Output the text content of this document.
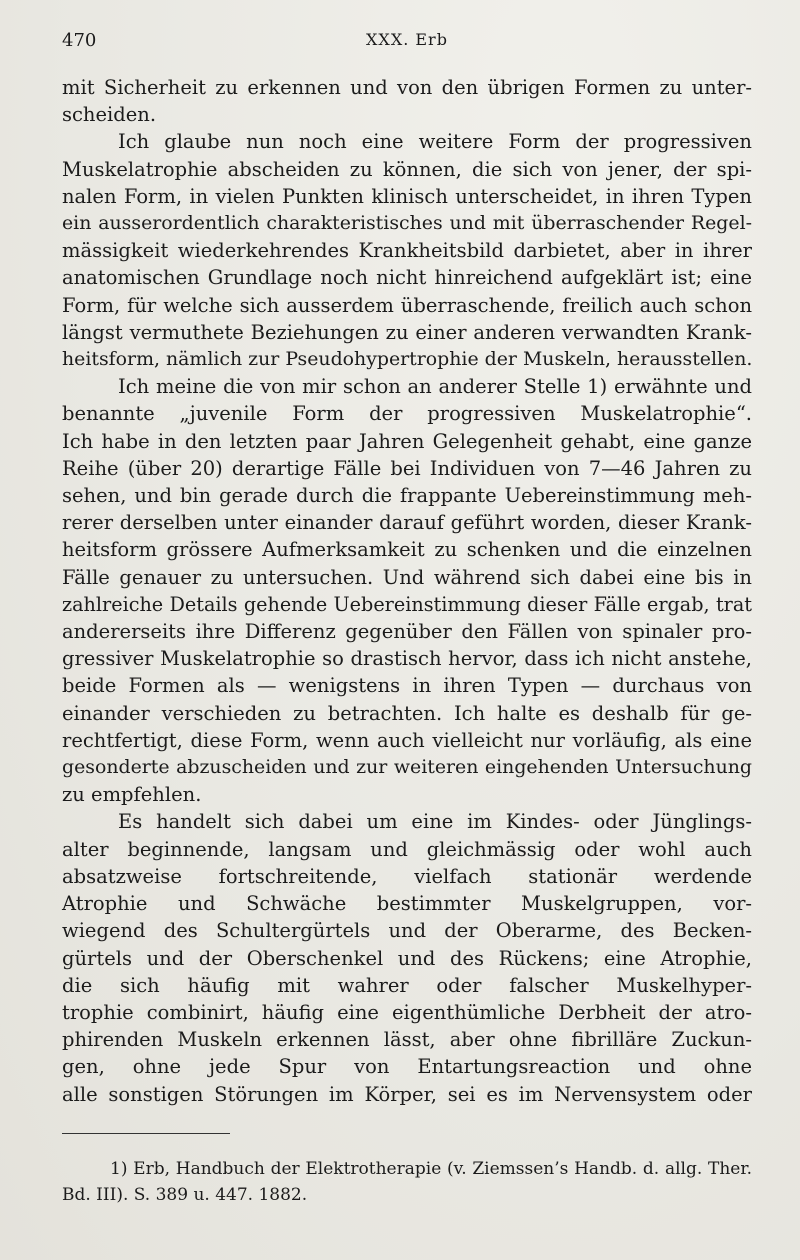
470	XXX. Erb

mit Sicherheit zu erkennen und von den übrigen Formen zu unter-
scheiden.

Ich glaube nun noch eine weitere Form der progressiven
Muskelatrophie abscheiden zu können, die sich von jener, der spi-
nalen Form, in vielen Punkten klinisch unterscheidet, in ihren Typen
ein ausserordentlich charakteristisches und mit überraschender Regel-
mässigkeit wiederkehrendes Krankheitsbild darbietet, aber in ihrer
anatomischen Grundlage noch nicht hinreichend aufgeklärt ist; eine
Form, für welche sich ausserdem überraschende, freilich auch schon
längst vermuthete Beziehungen zu einer anderen verwandten Krank-
heitsform, nämlich zur Pseudohypertrophie der Muskeln, herausstellen.

Ich meine die von mir schon an anderer Stelle 1) erwähnte und
benannte „juvenile Form der progressiven Muskelatrophie“.
Ich habe in den letzten paar Jahren Gelegenheit gehabt, eine ganze
Reihe (über 20) derartige Fälle bei Individuen von 7—46 Jahren zu
sehen, und bin gerade durch die frappante Uebereinstimmung meh-
rerer derselben unter einander darauf geführt worden, dieser Krank-
heitsform grössere Aufmerksamkeit zu schenken und die einzelnen
Fälle genauer zu untersuchen. Und während sich dabei eine bis in
zahlreiche Details gehende Uebereinstimmung dieser Fälle ergab, trat
andererseits ihre Differenz gegenüber den Fällen von spinaler pro-
gressiver Muskelatrophie so drastisch hervor, dass ich nicht anstehe,
beide Formen als — wenigstens in ihren Typen — durchaus von
einander verschieden zu betrachten. Ich halte es deshalb für ge-
rechtfertigt, diese Form, wenn auch vielleicht nur vorläufig, als eine
gesonderte abzuscheiden und zur weiteren eingehenden Untersuchung
zu empfehlen.

Es handelt sich dabei um eine im Kindes- oder Jünglings-
alter beginnende, langsam und gleichmässig oder wohl auch
absatzweise fortschreitende, vielfach stationär werdende
Atrophie und Schwäche bestimmter Muskelgruppen, vor-
wiegend des Schultergürtels und der Oberarme, des Becken-
gürtels und der Oberschenkel und des Rückens; eine Atrophie,
die sich häufig mit wahrer oder falscher Muskelhyper-
trophie combinirt, häufig eine eigenthümliche Derbheit der atro-
phirenden Muskeln erkennen lässt, aber ohne fibrilläre Zuckun-
gen, ohne jede Spur von Entartungsreaction und ohne
alle sonstigen Störungen im Körper, sei es im Nervensystem oder

1) Erb, Handbuch der Elektrotherapie (v. Ziemssen’s Handb. d. allg. Ther.
Bd. III). S. 389 u. 447. 1882.
